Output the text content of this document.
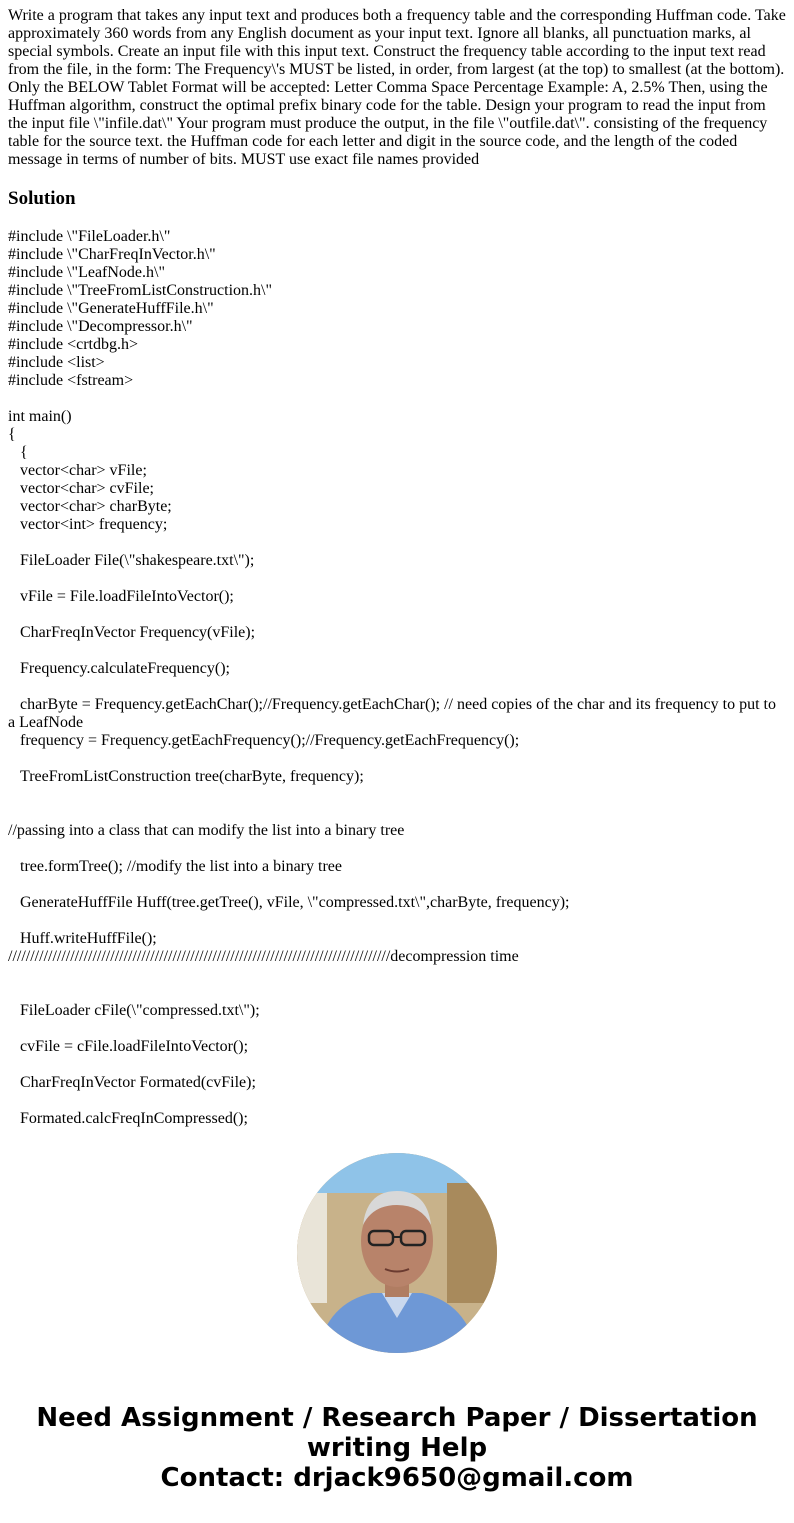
Write a program that takes any input text and produces both a frequency table and the corresponding Huffman code. Take approximately 360 words from any English document as your input text. Ignore all blanks, all punctuation marks, al special symbols. Create an input file with this input text. Construct the frequency table according to the input text read from the file, in the form: The Frequency\'s MUST be listed, in order, from largest (at the top) to smallest (at the bottom). Only the BELOW Tablet Format will be accepted: Letter Comma Space Percentage Example: A, 2.5% Then, using the Huffman algorithm, construct the optimal prefix binary code for the table. Design your program to read the input from the input file \"infile.dat\" Your program must produce the output, in the file \"outfile.dat\". consisting of the frequency table for the source text. the Huffman code for each letter and digit in the source code, and the length of the coded message in terms of number of bits. MUST use exact file names provided
Solution
#include \"FileLoader.h\"
#include \"CharFreqInVector.h\"
#include \"LeafNode.h\"
#include \"TreeFromListConstruction.h\"
#include \"GenerateHuffFile.h\"
#include \"Decompressor.h\"
#include <crtdbg.h>
#include <list>
#include <fstream>
int main()
{
{
vector<char> vFile;
vector<char> cvFile;
vector<char> charByte;
vector<int> frequency;
FileLoader File(\"shakespeare.txt\");
vFile = File.loadFileIntoVector();
CharFreqInVector Frequency(vFile);
Frequency.calculateFrequency();
charByte = Frequency.getEachChar();//Frequency.getEachChar(); // need copies of the char and its frequency to put to a LeafNode
frequency = Frequency.getEachFrequency();//Frequency.getEachFrequency();
TreeFromListConstruction tree(charByte, frequency);
//passing into a class that can modify the list into a binary tree
tree.formTree(); //modify the list into a binary tree
GenerateHuffFile Huff(tree.getTree(), vFile, \"compressed.txt\",charByte, frequency);
Huff.writeHuffFile();
//////////////////////////////////////////////////////////////////////////////////////decompression time
FileLoader cFile(\"compressed.txt\");
cvFile = cFile.loadFileIntoVector();
CharFreqInVector Formated(cvFile);
Formated.calcFreqInCompressed();
Need Assignment / Research Paper / Dissertation
writing Help
Contact: drjack9650@gmail.com
